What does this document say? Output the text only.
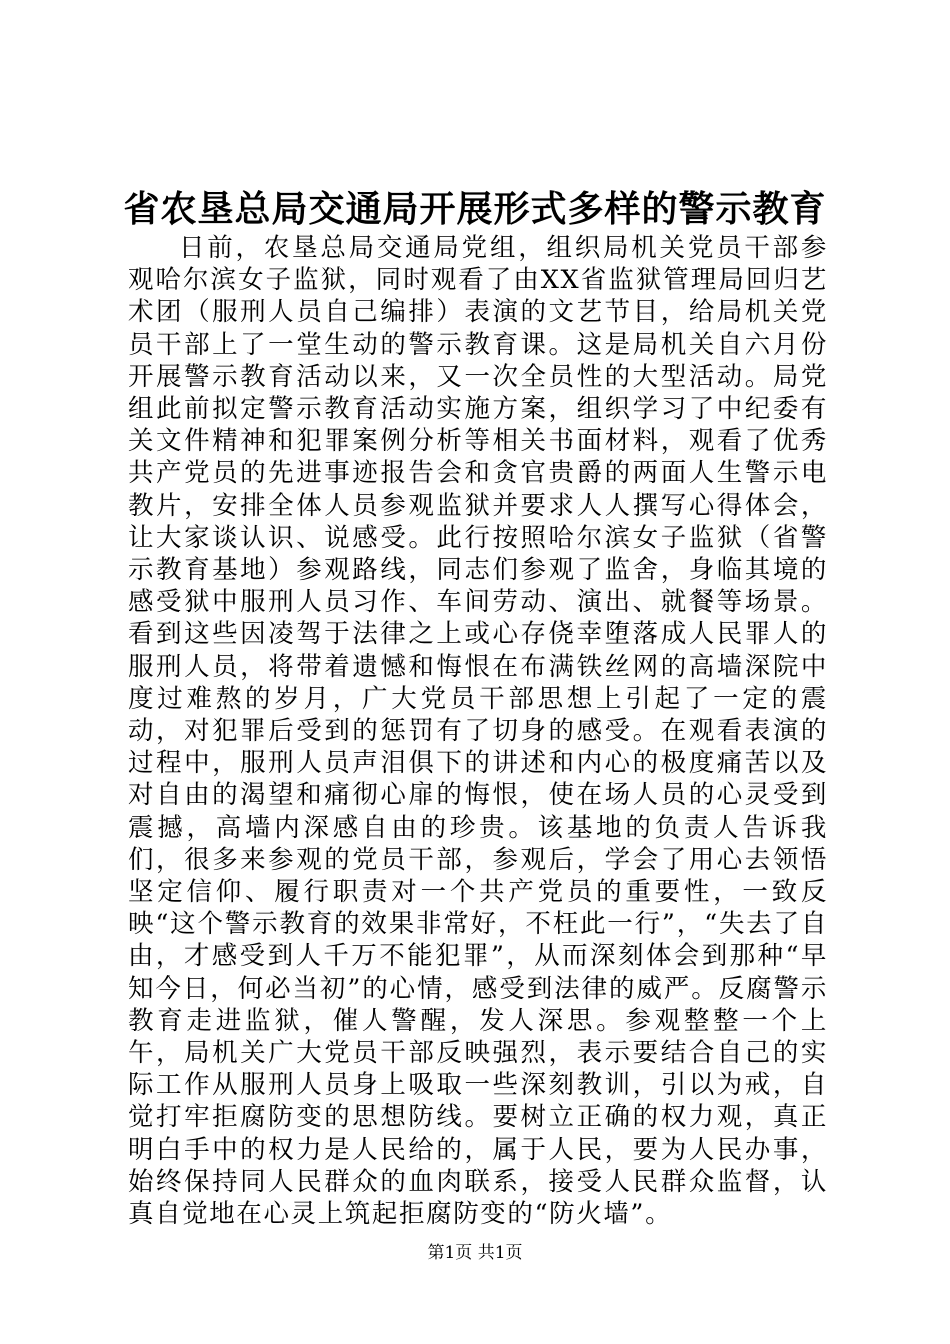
省农垦总局交通局开展形式多样的警示教育

日前，农垦总局交通局党组，组织局机关党员干部参观哈尔滨女子监狱，同时观看了由XX省监狱管理局回归艺术团（服刑人员自己编排）表演的文艺节目，给局机关党员干部上了一堂生动的警示教育课。这是局机关自六月份开展警示教育活动以来，又一次全员性的大型活动。局党组此前拟定警示教育活动实施方案，组织学习了中纪委有关文件精神和犯罪案例分析等相关书面材料，观看了优秀共产党员的先进事迹报告会和贪官贵爵的两面人生警示电教片，安排全体人员参观监狱并要求人人撰写心得体会，让大家谈认识、说感受。此行按照哈尔滨女子监狱（省警示教育基地）参观路线，同志们参观了监舍，身临其境的感受狱中服刑人员习作、车间劳动、演出、就餐等场景。看到这些因凌驾于法律之上或心存侥幸堕落成人民罪人的服刑人员，将带着遗憾和悔恨在布满铁丝网的高墙深院中度过难熬的岁月，广大党员干部思想上引起了一定的震动，对犯罪后受到的惩罚有了切身的感受。在观看表演的过程中，服刑人员声泪俱下的讲述和内心的极度痛苦以及对自由的渴望和痛彻心扉的悔恨，使在场人员的心灵受到震撼，高墙内深感自由的珍贵。该基地的负责人告诉我们，很多来参观的党员干部，参观后，学会了用心去领悟坚定信仰、履行职责对一个共产党员的重要性，一致反映“这个警示教育的效果非常好，不枉此一行”，“失去了自由，才感受到人千万不能犯罪”，从而深刻体会到那种“早知今日，何必当初”的心情，感受到法律的威严。反腐警示教育走进监狱，催人警醒，发人深思。参观整整一个上午，局机关广大党员干部反映强烈，表示要结合自己的实际工作从服刑人员身上吸取一些深刻教训，引以为戒，自觉打牢拒腐防变的思想防线。要树立正确的权力观，真正明白手中的权力是人民给的，属于人民，要为人民办事，始终保持同人民群众的血肉联系，接受人民群众监督，认真自觉地在心灵上筑起拒腐防变的“防火墙”。

第1页 共1页
